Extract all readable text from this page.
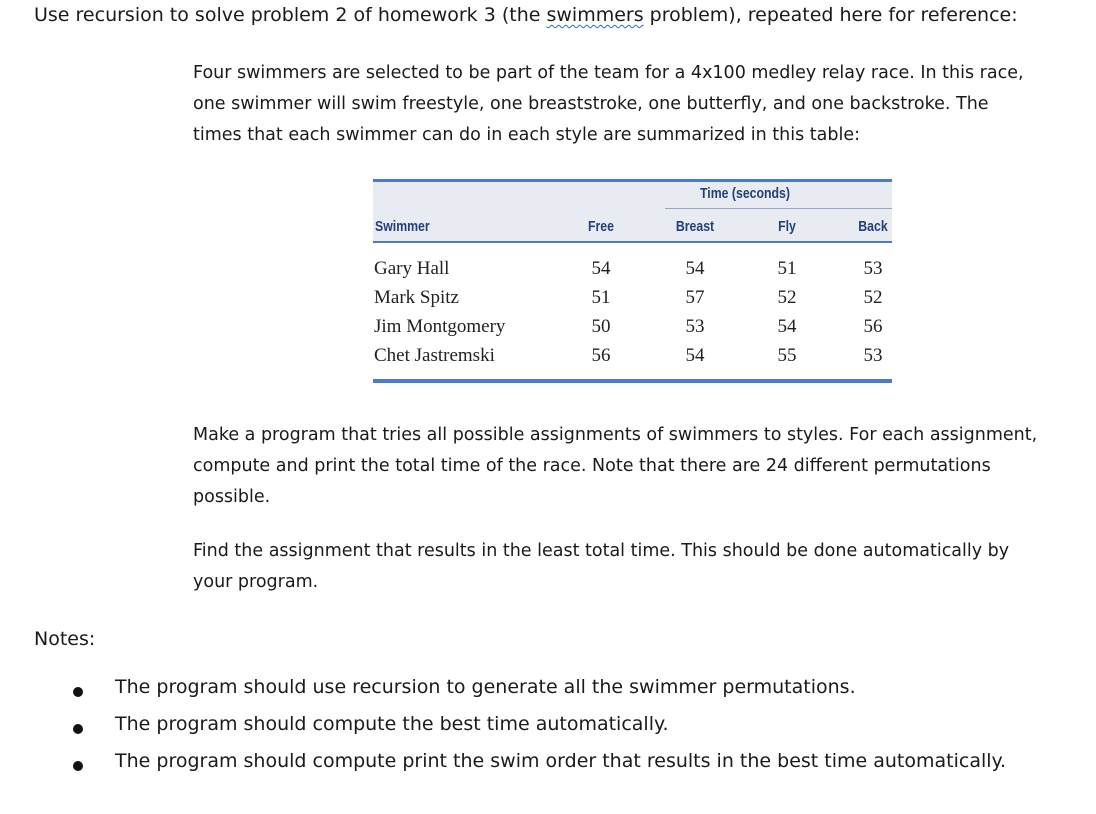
Use recursion to solve problem 2 of homework 3 (the swimmers problem), repeated here for reference:
Four swimmers are selected to be part of the team for a 4x100 medley relay race. In this race,
one swimmer will swim freestyle, one breaststroke, one butterfly, and one backstroke. The
times that each swimmer can do in each style are summarized in this table:
Time (seconds)
Swimmer	Free	Breast	Fly	Back
Gary Hall	54	54	51	53
Mark Spitz	51	57	52	52
Jim Montgomery	50	53	54	56
Chet Jastremski	56	54	55	53
Make a program that tries all possible assignments of swimmers to styles. For each assignment,
compute and print the total time of the race. Note that there are 24 different permutations
possible.
Find the assignment that results in the least total time. This should be done automatically by
your program.
Notes:
The program should use recursion to generate all the swimmer permutations.
The program should compute the best time automatically.
The program should compute print the swim order that results in the best time automatically.
